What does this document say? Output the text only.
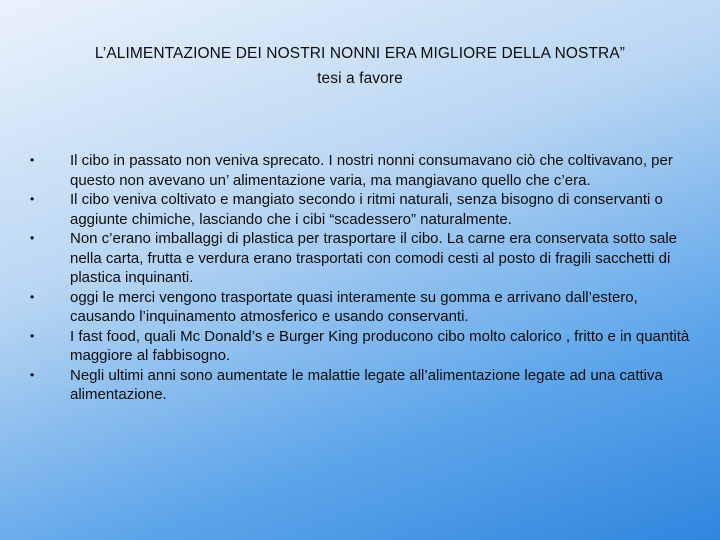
L’ALIMENTAZIONE DEI NOSTRI NONNI ERA MIGLIORE DELLA NOSTRA”
tesi a favore
• Il cibo in passato non veniva sprecato. I nostri nonni consumavano ciò che coltivavano, per questo non avevano un’ alimentazione varia, ma mangiavano quello che c’era.
• Il cibo veniva coltivato e mangiato secondo i ritmi naturali, senza bisogno di conservanti o aggiunte chimiche, lasciando che i cibi “scadessero” naturalmente.
• Non c’erano imballaggi di plastica per trasportare il cibo. La carne era conservata sotto sale nella carta, frutta e verdura erano trasportati con comodi cesti al posto di fragili sacchetti di plastica inquinanti.
• oggi le merci vengono trasportate quasi interamente su gomma e arrivano dall’estero, causando l’inquinamento atmosferico e usando conservanti.
• I fast food, quali Mc Donald’s e Burger King producono cibo molto calorico , fritto e in quantità maggiore al fabbisogno.
• Negli ultimi anni sono aumentate le malattie legate all’alimentazione legate ad una cattiva alimentazione.
